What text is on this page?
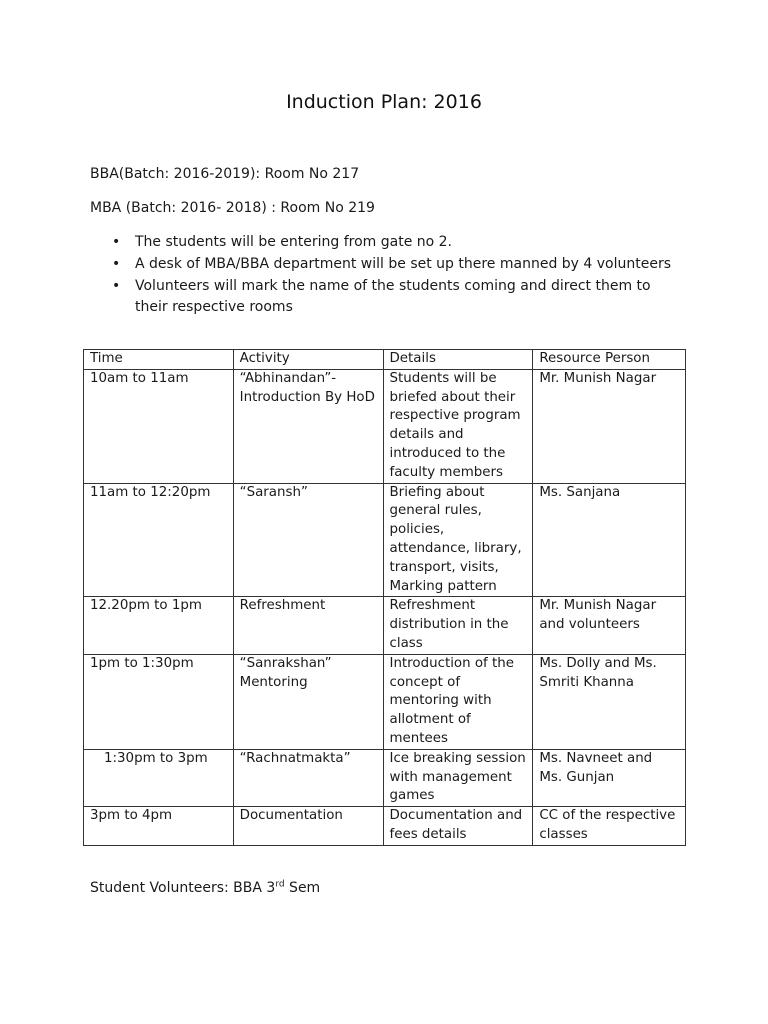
Induction Plan: 2016
BBA(Batch: 2016-2019): Room No 217
MBA (Batch: 2016- 2018) : Room No 219
• The students will be entering from gate no 2.
• A desk of MBA/BBA department will be set up there manned by 4 volunteers
• Volunteers will mark the name of the students coming and direct them to their respective rooms
Time	Activity	Details	Resource Person
10am to 11am	“Abhinandan”- Introduction By HoD	Students will be briefed about their respective program details and introduced to the faculty members	Mr. Munish Nagar
11am to 12:20pm	“Saransh”	Briefing about general rules, policies, attendance, library, transport, visits, Marking pattern	Ms. Sanjana
12.20pm to 1pm	Refreshment	Refreshment distribution in the class	Mr. Munish Nagar and volunteers
1pm to 1:30pm	“Sanrakshan” Mentoring	Introduction of the concept of mentoring with allotment of mentees	Ms. Dolly and Ms. Smriti Khanna
1:30pm to 3pm	“Rachnatmakta”	Ice breaking session with management games	Ms. Navneet and Ms. Gunjan
3pm to 4pm	Documentation	Documentation and fees details	CC of the respective classes
Student Volunteers: BBA 3rd Sem
